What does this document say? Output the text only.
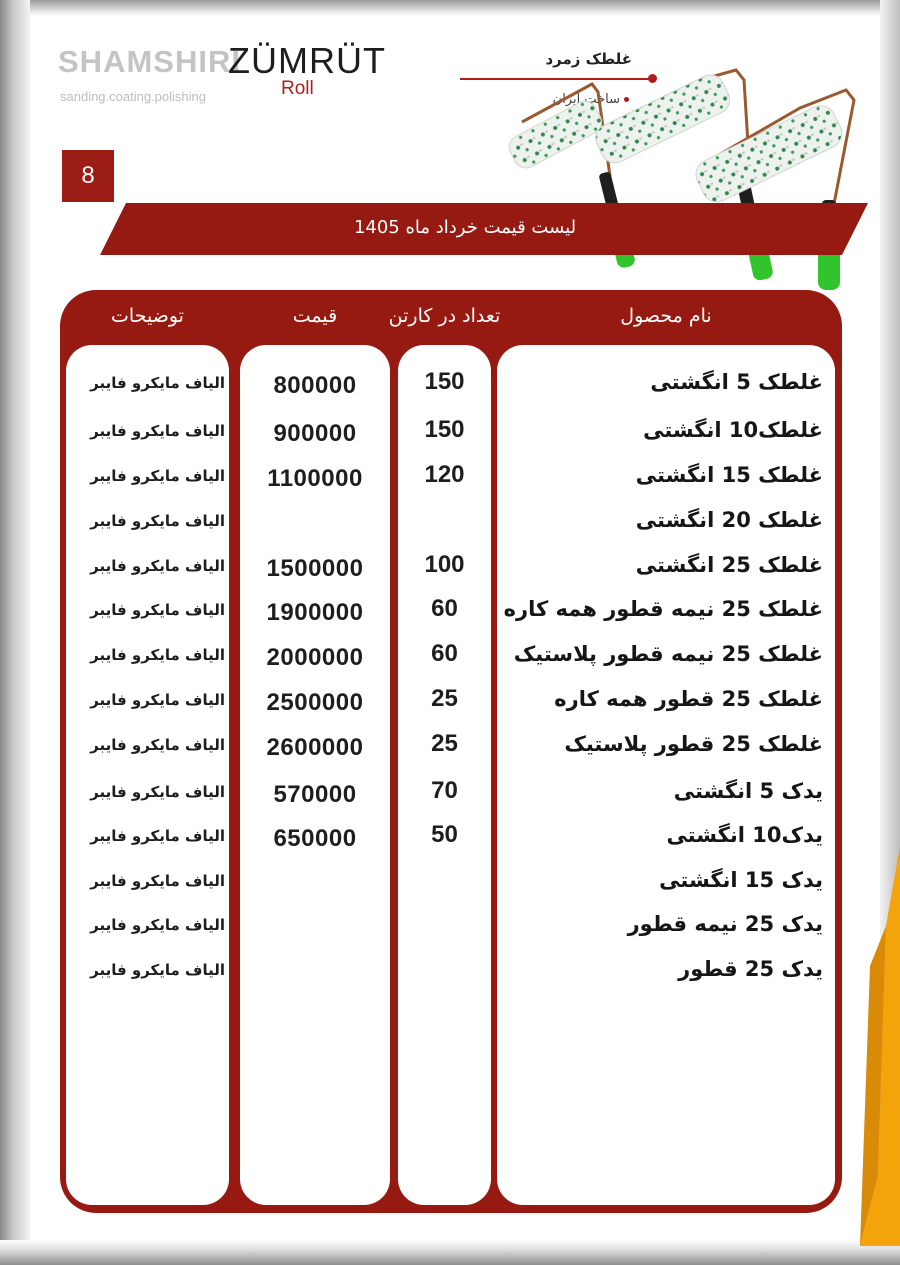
SHAMSHIRI
ZÜMRÜT
Roll
sanding.coating.polishing
غلطک زمرد
ساخت ایران
8
لیست قیمت خرداد ماه 1405
نام محصول
تعداد در کارتن
قیمت
توضیحات
غلطک 5 انگشتی
150
800000
الیاف مایکرو فایبر
غلطک10 انگشتی
150
900000
الیاف مایکرو فایبر
غلطک 15 انگشتی
120
1100000
الیاف مایکرو فایبر
غلطک 20 انگشتی
الیاف مایکرو فایبر
غلطک 25 انگشتی
100
1500000
الیاف مایکرو فایبر
غلطک 25 نیمه قطور همه کاره
60
1900000
الیاف مایکرو فایبر
غلطک 25 نیمه قطور پلاستیک
60
2000000
الیاف مایکرو فایبر
غلطک 25 قطور همه کاره
25
2500000
الیاف مایکرو فایبر
غلطک 25 قطور پلاستیک
25
2600000
الیاف مایکرو فایبر
یدک 5 انگشتی
70
570000
الیاف مایکرو فایبر
یدک10 انگشتی
50
650000
الیاف مایکرو فایبر
یدک 15 انگشتی
الیاف مایکرو فایبر
یدک 25 نیمه قطور
الیاف مایکرو فایبر
یدک 25 قطور
الیاف مایکرو فایبر
